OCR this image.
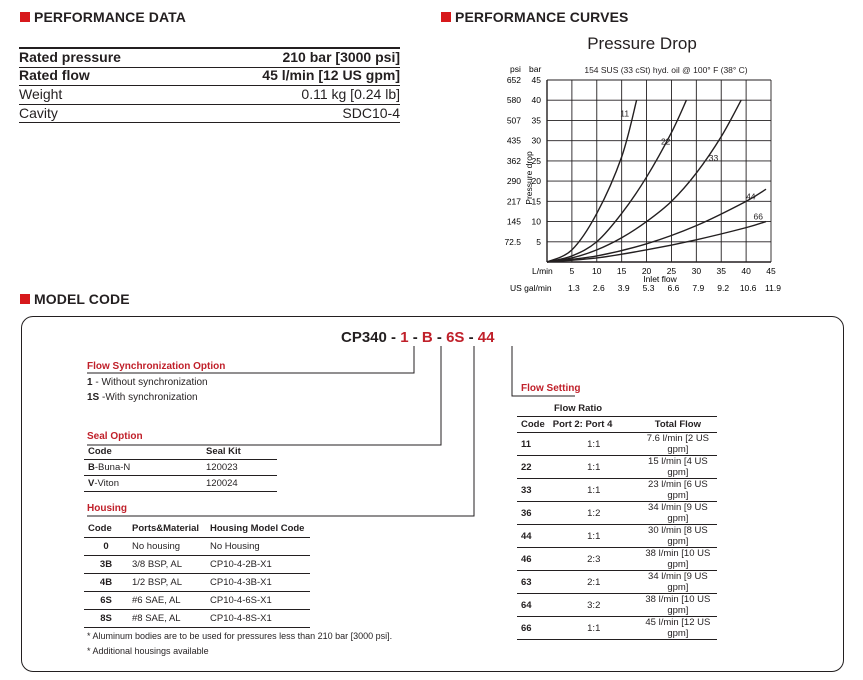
PERFORMANCE DATA
Rated pressure	210 bar [3000 psi]
Rated flow	45 l/min [12 US gpm]
Weight	0.11 kg [0.24 lb]
Cavity	SDC10-4
PERFORMANCE CURVES
Pressure Drop
154 SUS (33 cSt) hyd. oil @ 100° F (38° C)
psi bar
5
72.5
10
145
15
217
20
290
25
362
30
435
35
507
40
580
45
652
Pressure drop
L/min
US gal/min
5
1.3
10
2.6
15
3.9
20
5.3
25
6.6
30
7.9
35
9.2
40
10.6
45
11.9
Inlet flow
11
22
33
44
66
MODEL CODE
CP340 - 1 - B - 6S - 44
Flow Synchronization Option
1 - Without synchronization
1S -With synchronization
Seal Option
Code	Seal Kit
B-Buna-N	120023
V-Viton	120024
Housing
Code	Ports&Material	Housing Model Code
0	No housing	No Housing
3B	3/8 BSP, AL	CP10-4-2B-X1
4B	1/2 BSP, AL	CP10-4-3B-X1
6S	#6 SAE, AL	CP10-4-6S-X1
8S	#8 SAE, AL	CP10-4-8S-X1
* Aluminum bodies are to be used for pressures less than 210 bar [3000 psi].
* Additional housings available
Flow Setting
Flow Ratio
Code	Port 2: Port 4	Total Flow
11	1:1	7.6 l/min [2 US gpm]
22	1:1	15 l/min [4 US gpm]
33	1:1	23 l/min [6 US gpm]
36	1:2	34 l/min [9 US gpm]
44	1:1	30 l/min [8 US gpm]
46	2:3	38 l/min [10 US gpm]
63	2:1	34 l/min [9 US gpm]
64	3:2	38 l/min [10 US gpm]
66	1:1	45 l/min [12 US gpm]
